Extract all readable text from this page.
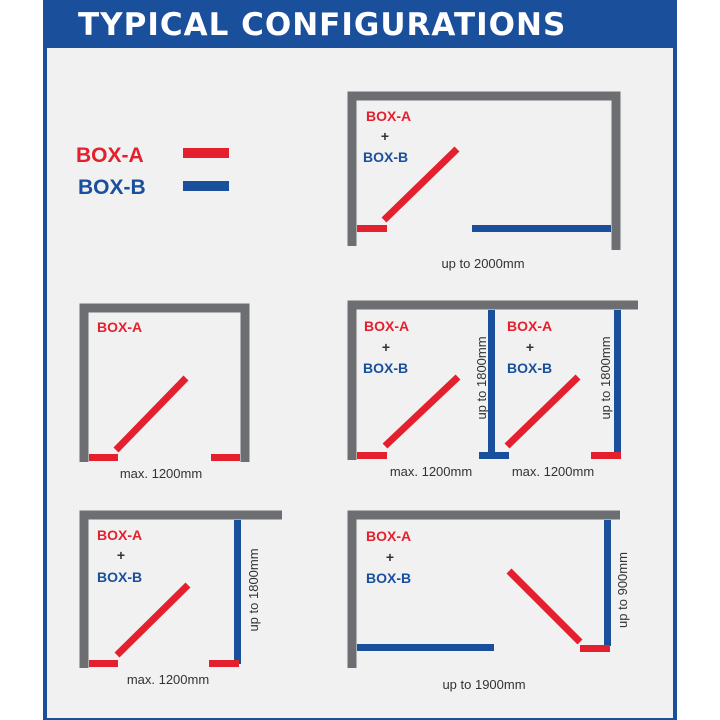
TYPICAL CONFIGURATIONS
BOX-A
BOX-B
BOX-A
+
BOX-B
up to 2000mm
BOX-A
max. 1200mm
BOX-A
+
BOX-B	up to 1800mm
max. 1200mm
BOX-A
+
BOX-B	up to 1800mm
max. 1200mm
BOX-A
+
BOX-B	up to 1800mm
max. 1200mm
BOX-A
+
BOX-B	up to 900mm
up to 1900mm
